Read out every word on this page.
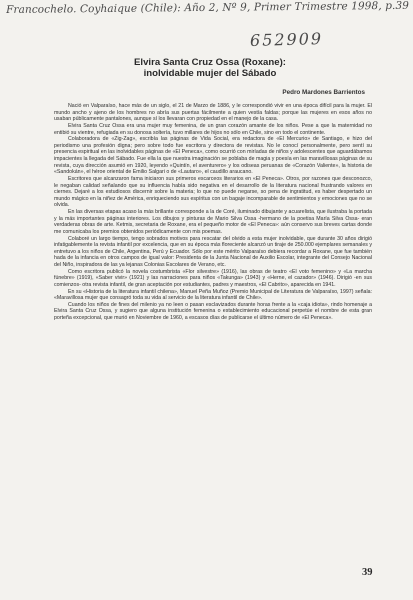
Francochelo. Coyhaique (Chile): Año 2, Nº 9, Primer Trimestre 1998, p.39
652909
Elvira Santa Cruz Ossa (Roxane):
inolvidable mujer del Sábado
Pedro Mardones Barrientos

Nació en Valparaíso, hace más de un siglo, el 21 de Marzo de 1886, y le correspondió vivir en una época difícil para la mujer. El mundo ancho y ajeno de los hombres no abría sus puertas fácilmente a quien vestía faldas; porque las mujeres en esos años no usaban públicamente pantalones, aunque sí los llevaran con propiedad en el manejo de la casa.

Elvira Santa Cruz Ossa era una mujer muy femenina, de un gran corazón amante de los niños. Pese a que la maternidad no entibió su vientre, refugiada en su donosa soltería, tuvo millares de hijos no sólo en Chile, sino en todo el continente.

Colaboradora de «Zig-Zag», escribía las páginas de Vida Social, era redactora de «El Mercurio» de Santiago, e hizo del periodismo una profesión digna; pero sobre todo fue escritora y directora de revistas. No le conocí personalmente, pero sentí su presencia espiritual en las inolvidables páginas de «El Peneca», como ocurrió con miríadas de niños y adolescentes que aguardábamos impacientes la llegada del Sábado. Fue ella la que nuestra imaginación se poblaba de magia y poesía en las maravillosas páginas de su revista, cuya dirección asumió en 1920, leyendo «Quintín, el aventurero» y los odiseas peruanas de «Corazón Valiente», la historia de «Sandokán», el héroe oriental de Emilio Salgari o de «Lautaro», el caudillo araucano.

Escritores que alcanzaron fama iniciaron sus primeros escarceos literarios en «El Peneca». Otros, por razones que desconozco, le negaban calidad señalando que su influencia había sido negativa en el desarrollo de la literatura nacional frustrando valores en ciernes. Dejaré a los estudiosos discernir sobre la materia; lo que no puede negarse, so pena de ingratitud, es haber despertado un mundo mágico en la niñez de América, enriqueciendo sus espíritus con un bagaje incomparable de sentimientos y emociones que no se olvida.

En las diversas etapas acaso la más brillante corresponde a la de Coré, iluminado dibujante y acuarelista, que ilustraba la portada y la más importantes páginas interiores. Los dibujos y pinturas de Mario Silva Ossa -hermano de la poetisa María Silva Ossa- eran verdaderas obras de arte. Ketmis, secretaria de Roxane, era el pequeño motor de «El Peneca»: aún conservo sus breves cartas donde me comunicaba los premios obtenidos periódicamente con mis poemas.

Colaboré un largo tiempo, tengo sobrados motivos para rescatar del olvido a esta mujer inolvidable, que durante 30 años dirigió infatigablemente la revista infantil por excelencia, que en su época más floreciente alcanzó un tiraje de 250.000 ejemplares semanales y entretuvo a los niños de Chile, Argentina, Perú y Ecuador. Sólo por este mérito Valparaíso debiera recordar a Roxane, que fue también hada de la infancia en otros campos de igual valor: Presidenta de la Junta Nacional de Auxilio Escolar, integrante del Consejo Nacional del Niño, inspiradora de las ya lejanas Colonias Escolares de Verano, etc.

Como escritora publicó la novela costumbrista «Flor silvestre» (1916), las obras de teatro «El voto femenino» y «La marcha fúnebre» (1919), «Saber vivir» (1921) y las narraciones para niños «Takunga» (1943) y «Herne, el cazador» (1946). Dirigió -en sus comienzos- otra revista infantil, de gran aceptación por estudiantes, padres y maestros, «El Cabrito», aparecida en 1941.

En su «Historia de la literatura infantil chilena», Manuel Peña Muñoz (Premio Municipal de Literatura de Valparaíso, 1997) señala: «Maravillosa mujer que consagró toda su vida al servicio de la literatura infantil de Chile».

Cuando los niños de fines del milenio ya no leen o pasan esclavizados durante horas frente a la «caja idiota», rindo homenaje a Elvira Santa Cruz Ossa, y sugiero que alguna institución femenina o establecimiento educacional perpetúe el nombre de esta gran porteña excepcional, que murió en Noviembre de 1960, a escasos días de publicarse el último número de «El Peneca».

39
